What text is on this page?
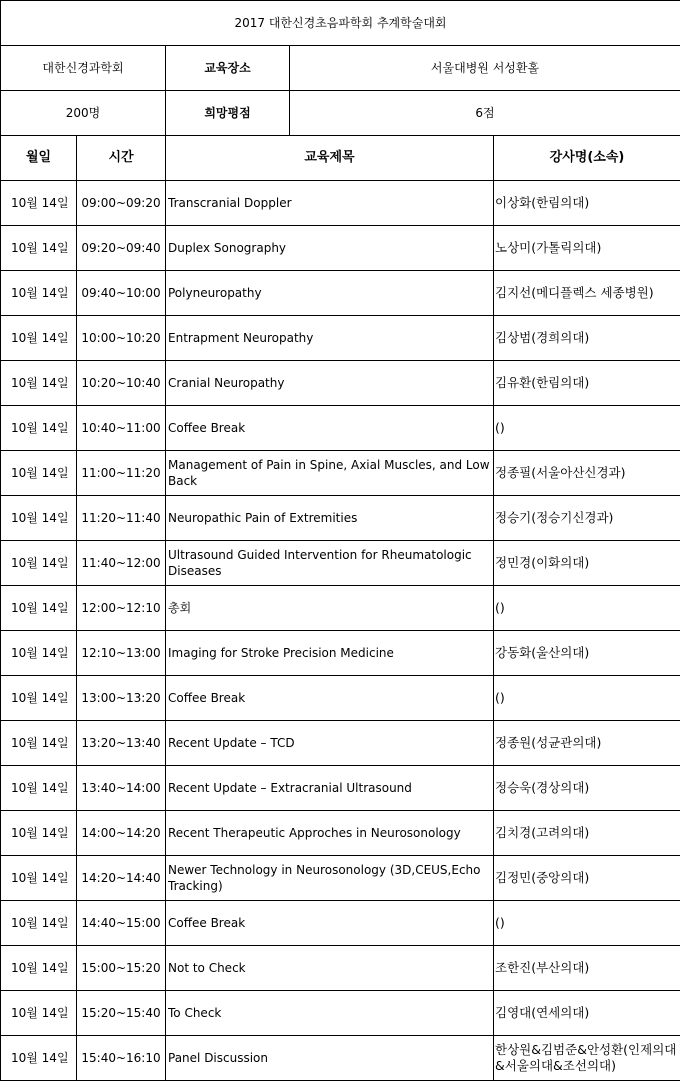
2017 대한신경초음파학회 추계학술대회				
대한신경과학회		교육장소	서울대병원 서성환홀	
200명		희망평점	6점	
월일	시간	교육제목		강사명(소속)
10월 14일	09:00~09:20	Transcranial Doppler		이상화(한림의대)
10월 14일	09:20~09:40	Duplex Sonography		노상미(가톨릭의대)
10월 14일	09:40~10:00	Polyneuropathy		김지선(메디플렉스 세종병원)
10월 14일	10:00~10:20	Entrapment Neuropathy		김상범(경희의대)
10월 14일	10:20~10:40	Cranial Neuropathy		김유환(한림의대)
10월 14일	10:40~11:00	Coffee Break		()
10월 14일	11:00~11:20	Management of Pain in Spine, Axial Muscles, and Low Back		정종필(서울아산신경과)
10월 14일	11:20~11:40	Neuropathic Pain of Extremities		정승기(정승기신경과)
10월 14일	11:40~12:00	Ultrasound Guided Intervention for Rheumatologic Diseases		정민경(이화의대)
10월 14일	12:00~12:10	총회		()
10월 14일	12:10~13:00	Imaging for Stroke Precision Medicine		강동화(울산의대)
10월 14일	13:00~13:20	Coffee Break		()
10월 14일	13:20~13:40	Recent Update – TCD		정종원(성균관의대)
10월 14일	13:40~14:00	Recent Update – Extracranial Ultrasound		정승욱(경상의대)
10월 14일	14:00~14:20	Recent Therapeutic Approches in Neurosonology		김치경(고려의대)
10월 14일	14:20~14:40	Newer Technology in Neurosonology (3D,CEUS,Echo Tracking)		김정민(중앙의대)
10월 14일	14:40~15:00	Coffee Break		()
10월 14일	15:00~15:20	Not to Check		조한진(부산의대)
10월 14일	15:20~15:40	To Check		김영대(연세의대)
10월 14일	15:40~16:10	Panel Discussion		한상원&김범준&안성환(인제의대&서울의대&조선의대)
